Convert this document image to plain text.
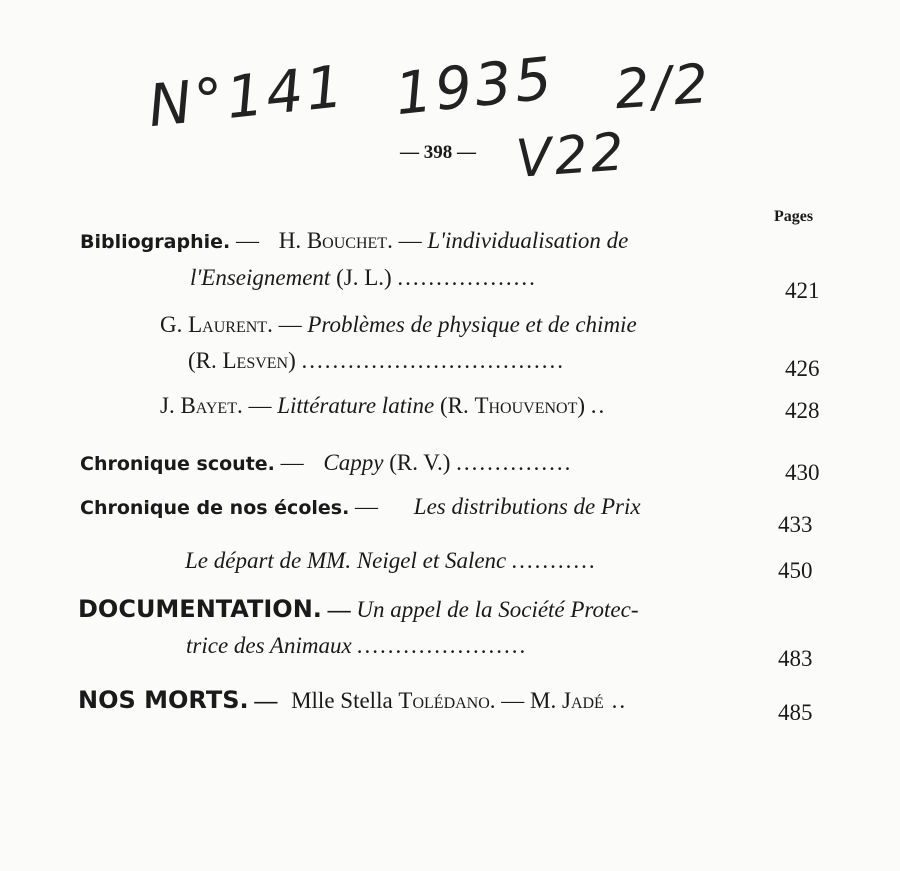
N°141 1935 2/2
V22
— 398 —
Pages
Bibliographie. — H. Bouchet. — L'individualisation de
l'Enseignement (J. L.) ..................
421
G. Laurent. — Problèmes de physique et de chimie
(R. Lesven) ..................................	426
J. Bayet. — Littérature latine (R. Thouvenot) ..	428
Chronique scoute. — Cappy (R. V.) ...............	430
Chronique de nos écoles. — Les distributions de Prix
433
Le départ de MM. Neigel et Salenc ...........	450
DOCUMENTATION. — Un appel de la Société Protec-
trice des Animaux ......................
483
NOS MORTS. — Mlle Stella Tolédano. — M. Jadé ..	485
